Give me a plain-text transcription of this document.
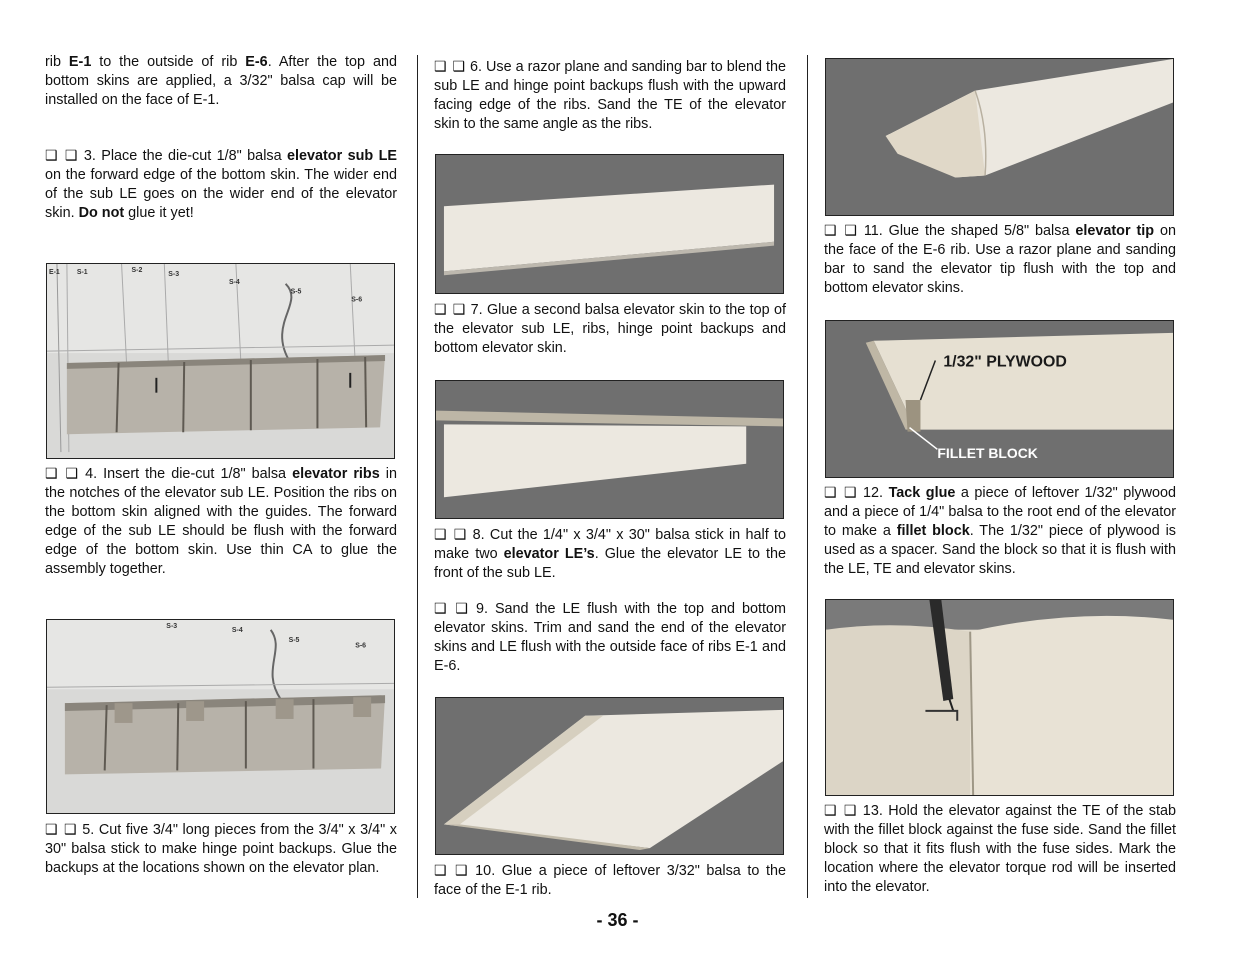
rib E-1 to the outside of rib E-6. After the top and bottom skins are applied, a 3/32" balsa cap will be installed on the face of E-1.

❑ ❑ 3. Place the die-cut 1/8" balsa elevator sub LE on the forward edge of the bottom skin. The wider end of the sub LE goes on the wider end of the elevator skin. Do not glue it yet!

E-1 S-1	S-2
S-3
S-4
S-5
S-6

❑ ❑ 4. Insert the die-cut 1/8" balsa elevator ribs in the notches of the elevator sub LE. Position the ribs on the bottom skin aligned with the guides. The forward edge of the sub LE should be flush with the forward edge of the bottom skin. Use thin CA to glue the assembly together.

S-3
S-4
S-5
S-6

❑ ❑ 5. Cut five 3/4" long pieces from the 3/4" x 3/4" x 30" balsa stick to make hinge point backups. Glue the backups at the locations shown on the elevator plan.

❑ ❑ 6. Use a razor plane and sanding bar to blend the sub LE and hinge point backups flush with the upward facing edge of the ribs. Sand the TE of the elevator skin to the same angle as the ribs.

❑ ❑ 7. Glue a second balsa elevator skin to the top of the elevator sub LE, ribs, hinge point backups and bottom elevator skin.

❑ ❑ 8. Cut the 1/4" x 3/4" x 30" balsa stick in half to make two elevator LE’s. Glue the elevator LE to the front of the sub LE.

❑ ❑ 9. Sand the LE flush with the top and bottom elevator skins. Trim and sand the end of the elevator skins and LE flush with the outside face of ribs E-1 and E-6.

❑ ❑ 10. Glue a piece of leftover 3/32" balsa to the face of the E-1 rib.

❑ ❑ 11. Glue the shaped 5/8" balsa elevator tip on the face of the E-6 rib. Use a razor plane and sanding bar to sand the elevator tip flush with the top and bottom elevator skins.

1/32" PLYWOOD
FILLET BLOCK

❑ ❑ 12. Tack glue a piece of leftover 1/32" plywood and a piece of 1/4" balsa to the root end of the elevator to make a fillet block. The 1/32" piece of plywood is used as a spacer. Sand the block so that it is flush with the LE, TE and elevator skins.

❑ ❑ 13. Hold the elevator against the TE of the stab with the fillet block against the fuse side. Sand the fillet block so that it fits flush with the fuse sides. Mark the location where the elevator torque rod will be inserted into the elevator.

- 36 -
